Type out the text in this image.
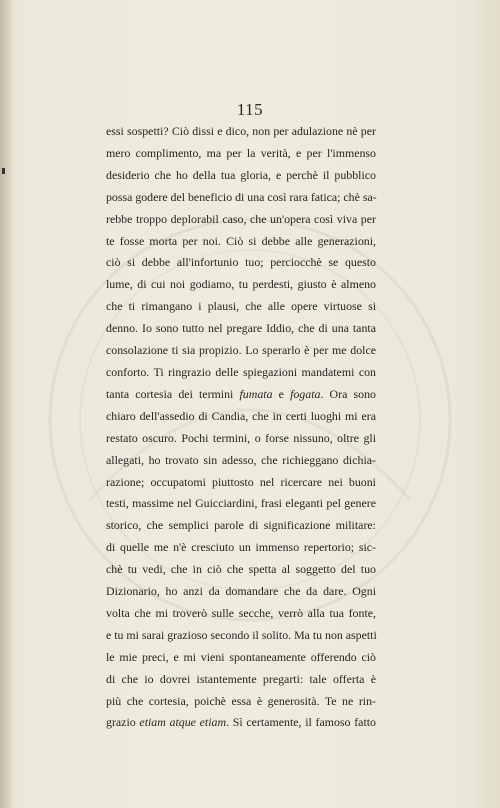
115
essi sospetti? Ciò dissi e dico, non per adulazione nè per
mero complimento, ma per la verità, e per l'immenso
desiderio che ho della tua gloria, e perchè il pubblico
possa godere del beneficio di una così rara fatica; chè sa-
rebbe troppo deplorabil caso, che un'opera così viva per
te fosse morta per noi. Ciò si debbe alle generazioni,
ciò si debbe all'infortunio tuo; perciocchè se questo
lume, di cui noi godiamo, tu perdesti, giusto è almeno
che ti rimangano i plausi, che alle opere virtuose si
denno. Io sono tutto nel pregare Iddio, che di una tanta
consolazione ti sia propizio. Lo sperarlo è per me dolce
conforto. Ti ringrazio delle spiegazioni mandatemi con
tanta cortesia dei termini fumata e fogata. Ora sono
chiaro dell'assedio di Candia, che in certi luoghi mi era
restato oscuro. Pochi termini, o forse nissuno, oltre gli
allegati, ho trovato sin adesso, che richieggano dichia-
razione; occupatomi piuttosto nel ricercare nei buoni
testi, massime nel Guicciardini, frasi eleganti pel genere
storico, che semplici parole di significazione militare:
di quelle me n'è cresciuto un immenso repertorio; sic-
chè tu vedi, che in ciò che spetta al soggetto del tuo
Dizionario, ho anzi da domandare che da dare. Ogni
volta che mi troverò sulle secche, verrò alla tua fonte,
e tu mi sarai grazioso secondo il solito. Ma tu non aspetti
le mie preci, e mi vieni spontaneamente offerendo ciò
di che io dovrei istantemente pregarti: tale offerta è
più che cortesia, poichè essa è generosità. Te ne rin-
grazio etiam atque etiam. Sì certamente, il famoso fatto
